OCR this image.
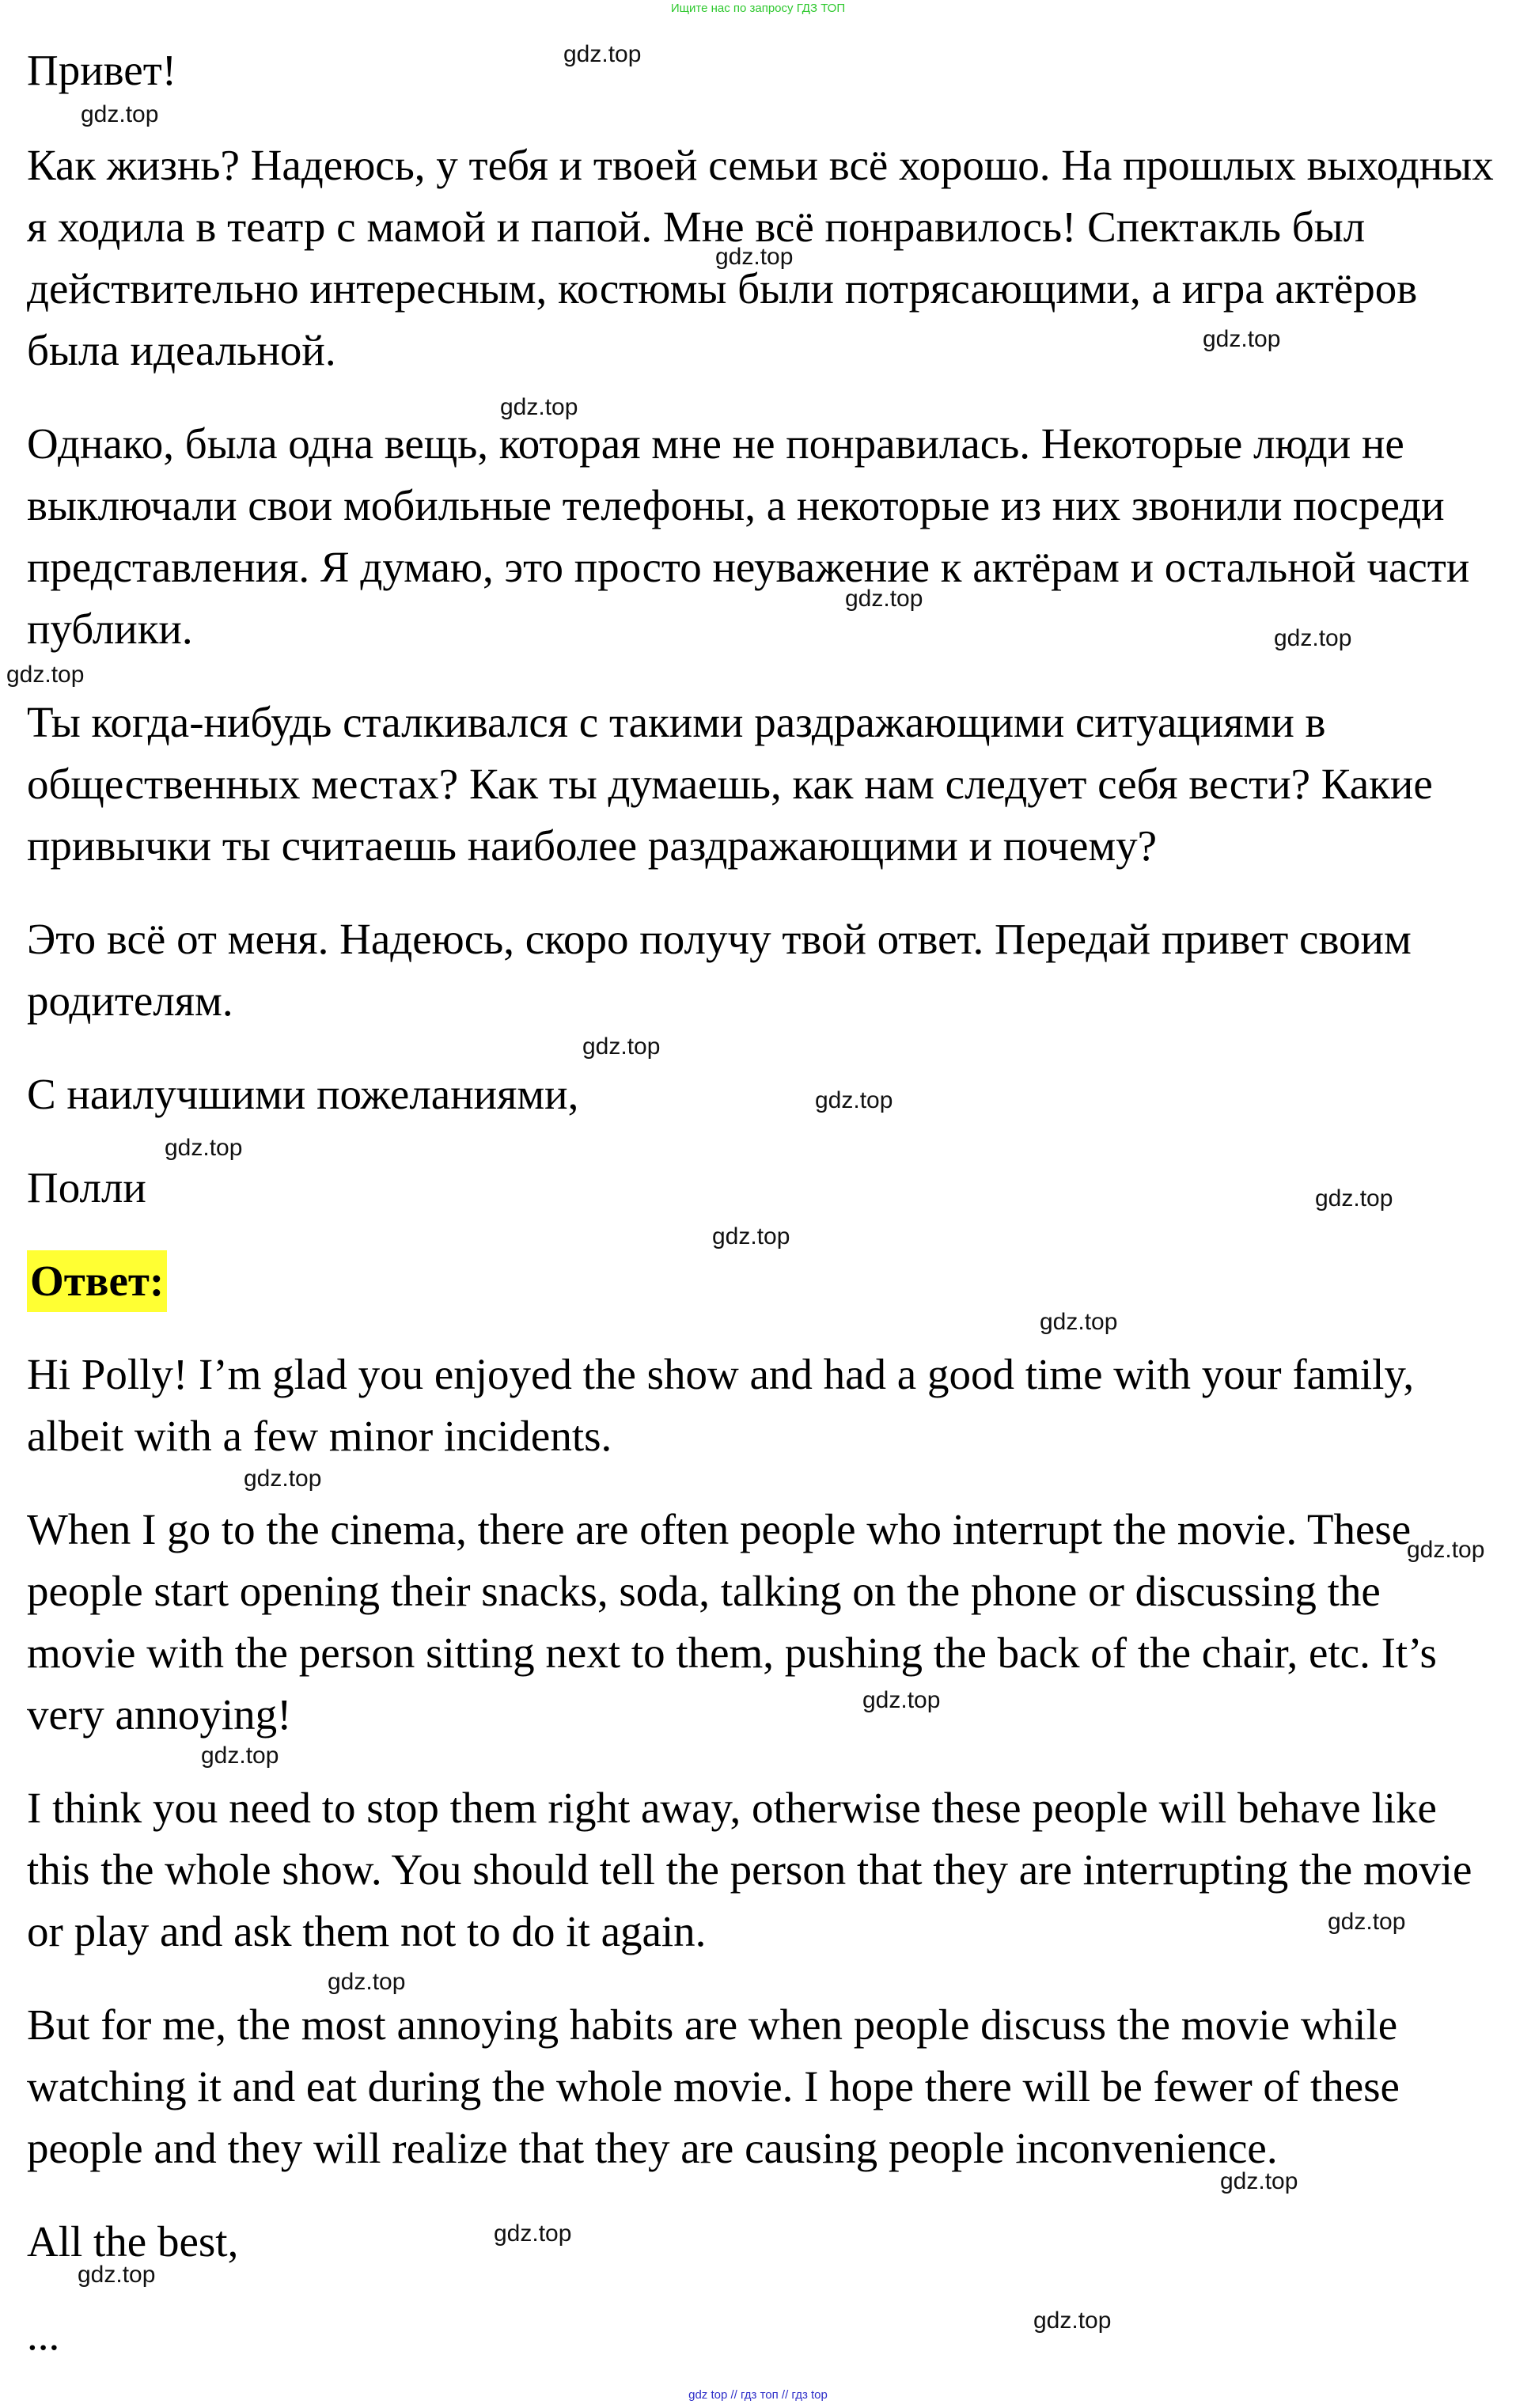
Ищите нас по запросу ГДЗ ТОП

Привет!

Как жизнь? Надеюсь, у тебя и твоей семьи всё хорошо. На прошлых выходных я ходила в театр с мамой и папой. Мне всё понравилось! Спектакль был действительно интересным, костюмы были потрясающими, а игра актёров была идеальной.

Однако, была одна вещь, которая мне не понравилась. Некоторые люди не выключали свои мобильные телефоны, а некоторые из них звонили посреди представления. Я думаю, это просто неуважение к актёрам и остальной части публики.

Ты когда-нибудь сталкивался с такими раздражающими ситуациями в общественных местах? Как ты думаешь, как нам следует себя вести? Какие привычки ты считаешь наиболее раздражающими и почему?

Это всё от меня. Надеюсь, скоро получу твой ответ. Передай привет своим родителям.

С наилучшими пожеланиями,

Полли

Ответ:

Hi Polly! I’m glad you enjoyed the show and had a good time with your family, albeit with a few minor incidents.

When I go to the cinema, there are often people who interrupt the movie. These people start opening their snacks, soda, talking on the phone or discussing the movie with the person sitting next to them, pushing the back of the chair, etc. It’s very annoying!

I think you need to stop them right away, otherwise these people will behave like this the whole show. You should tell the person that they are interrupting the movie or play and ask them not to do it again.

But for me, the most annoying habits are when people discuss the movie while watching it and eat during the whole movie. I hope there will be fewer of these people and they will realize that they are causing people inconvenience.

All the best,

...

gdz.top
gdz.top
gdz.top
gdz.top
gdz.top
gdz.top
gdz.top
gdz.top
gdz.top
gdz.top
gdz.top
gdz.top
gdz.top
gdz.top
gdz.top
gdz.top
gdz.top
gdz.top
gdz.top
gdz.top
gdz.top
gdz.top
gdz.top
gdz.top
gdz top // гдз топ // гдз top
